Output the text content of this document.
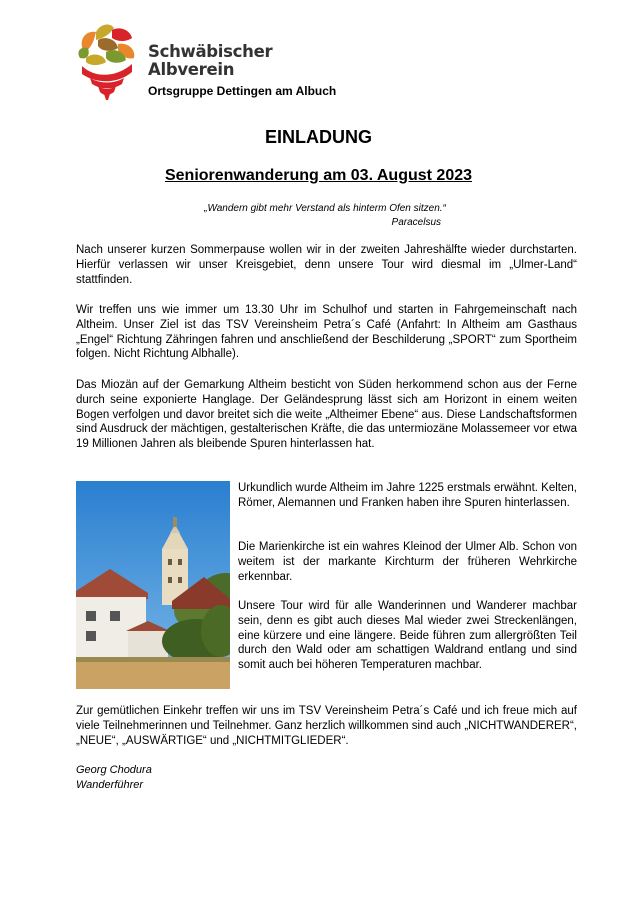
Schwäbischer
Albverein
Ortsgruppe Dettingen am Albuch
EINLADUNG
Seniorenwanderung am 03. August 2023
„Wandern gibt mehr Verstand als hinterm Ofen sitzen.“
Paracelsus

Nach unserer kurzen Sommerpause wollen wir in der zweiten Jahreshälfte wieder durchstarten. Hierfür verlassen wir unser Kreisgebiet, denn unsere Tour wird diesmal im „Ulmer-Land“ stattfinden.

Wir treffen uns wie immer um 13.30 Uhr im Schulhof und starten in Fahrgemeinschaft nach Altheim. Unser Ziel ist das TSV Vereinsheim Petra´s Café (Anfahrt: In Altheim am Gasthaus „Engel“ Richtung Zähringen fahren und anschließend der Beschilderung „SPORT“ zum Sportheim folgen. Nicht Richtung Albhalle).

Das Miozän auf der Gemarkung Altheim besticht von Süden herkommend schon aus der Ferne durch seine exponierte Hanglage. Der Geländesprung lässt sich am Horizont in einem weiten Bogen verfolgen und davor breitet sich die weite „Altheimer Ebene“ aus. Diese Landschaftsformen sind Ausdruck der mächtigen, gestalterischen Kräfte, die das untermiozäne Molassemeer vor etwa 19 Millionen Jahren als bleibende Spuren hinterlassen hat.

Urkundlich wurde Altheim im Jahre 1225 erstmals erwähnt. Kelten, Römer, Alemannen und Franken haben ihre Spuren hinterlassen.

Die Marienkirche ist ein wahres Kleinod der Ulmer Alb. Schon von weitem ist der markante Kirchturm der früheren Wehrkirche erkennbar.

Unsere Tour wird für alle Wanderinnen und Wanderer machbar sein, denn es gibt auch dieses Mal wieder zwei Streckenlängen, eine kürzere und eine längere. Beide führen zum allergrößten Teil durch den Wald oder am schattigen Waldrand entlang und sind somit auch bei höheren Temperaturen machbar.

Zur gemütlichen Einkehr treffen wir uns im TSV Vereinsheim Petra´s Café und ich freue mich auf viele Teilnehmerinnen und Teilnehmer. Ganz herzlich willkommen sind auch „NICHTWANDERER“, „NEUE“, „AUSWÄRTIGE“ und „NICHTMITGLIEDER“.

Georg Chodura
Wanderführer
